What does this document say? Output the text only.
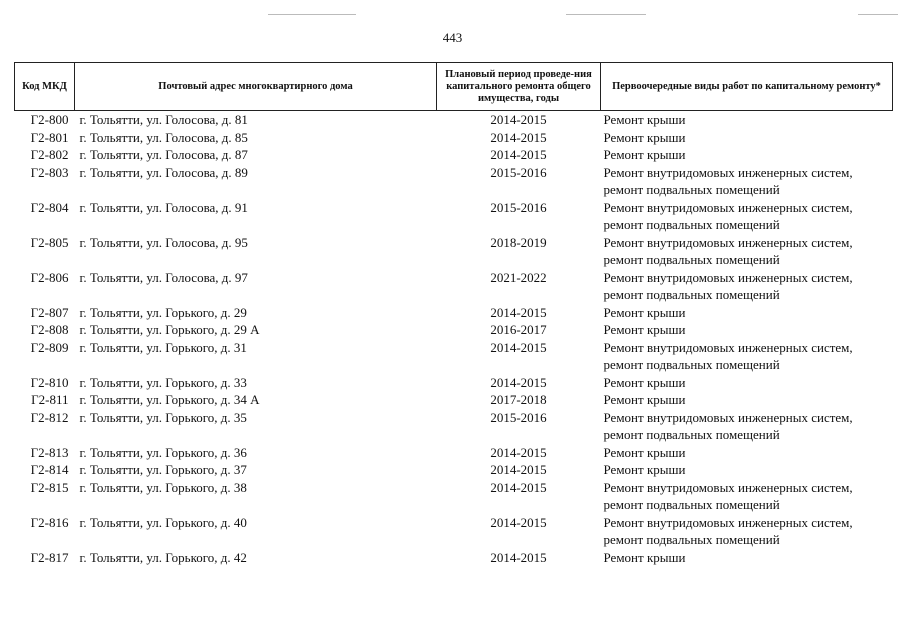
443
Код МКД	Почтовый адрес многоквартирного дома	Плановый период проведе-ния капитального ремонта общего имущества, годы	Первоочередные виды работ по капитальному ремонту*
Г2-800	г. Тольятти, ул. Голосова, д. 81	2014-2015	Ремонт крыши
Г2-801	г. Тольятти, ул. Голосова, д. 85	2014-2015	Ремонт крыши
Г2-802	г. Тольятти, ул. Голосова, д. 87	2014-2015	Ремонт крыши
Г2-803	г. Тольятти, ул. Голосова, д. 89	2015-2016	Ремонт внутридомовых инженерных систем, ремонт подвальных помещений
Г2-804	г. Тольятти, ул. Голосова, д. 91	2015-2016	Ремонт внутридомовых инженерных систем, ремонт подвальных помещений
Г2-805	г. Тольятти, ул. Голосова, д. 95	2018-2019	Ремонт внутридомовых инженерных систем, ремонт подвальных помещений
Г2-806	г. Тольятти, ул. Голосова, д. 97	2021-2022	Ремонт внутридомовых инженерных систем, ремонт подвальных помещений
Г2-807	г. Тольятти, ул. Горького, д. 29	2014-2015	Ремонт крыши
Г2-808	г. Тольятти, ул. Горького, д. 29 А	2016-2017	Ремонт крыши
Г2-809	г. Тольятти, ул. Горького, д. 31	2014-2015	Ремонт внутридомовых инженерных систем, ремонт подвальных помещений
Г2-810	г. Тольятти, ул. Горького, д. 33	2014-2015	Ремонт крыши
Г2-811	г. Тольятти, ул. Горького, д. 34 А	2017-2018	Ремонт крыши
Г2-812	г. Тольятти, ул. Горького, д. 35	2015-2016	Ремонт внутридомовых инженерных систем, ремонт подвальных помещений
Г2-813	г. Тольятти, ул. Горького, д. 36	2014-2015	Ремонт крыши
Г2-814	г. Тольятти, ул. Горького, д. 37	2014-2015	Ремонт крыши
Г2-815	г. Тольятти, ул. Горького, д. 38	2014-2015	Ремонт внутридомовых инженерных систем, ремонт подвальных помещений
Г2-816	г. Тольятти, ул. Горького, д. 40	2014-2015	Ремонт внутридомовых инженерных систем, ремонт подвальных помещений
Г2-817	г. Тольятти, ул. Горького, д. 42	2014-2015	Ремонт крыши
